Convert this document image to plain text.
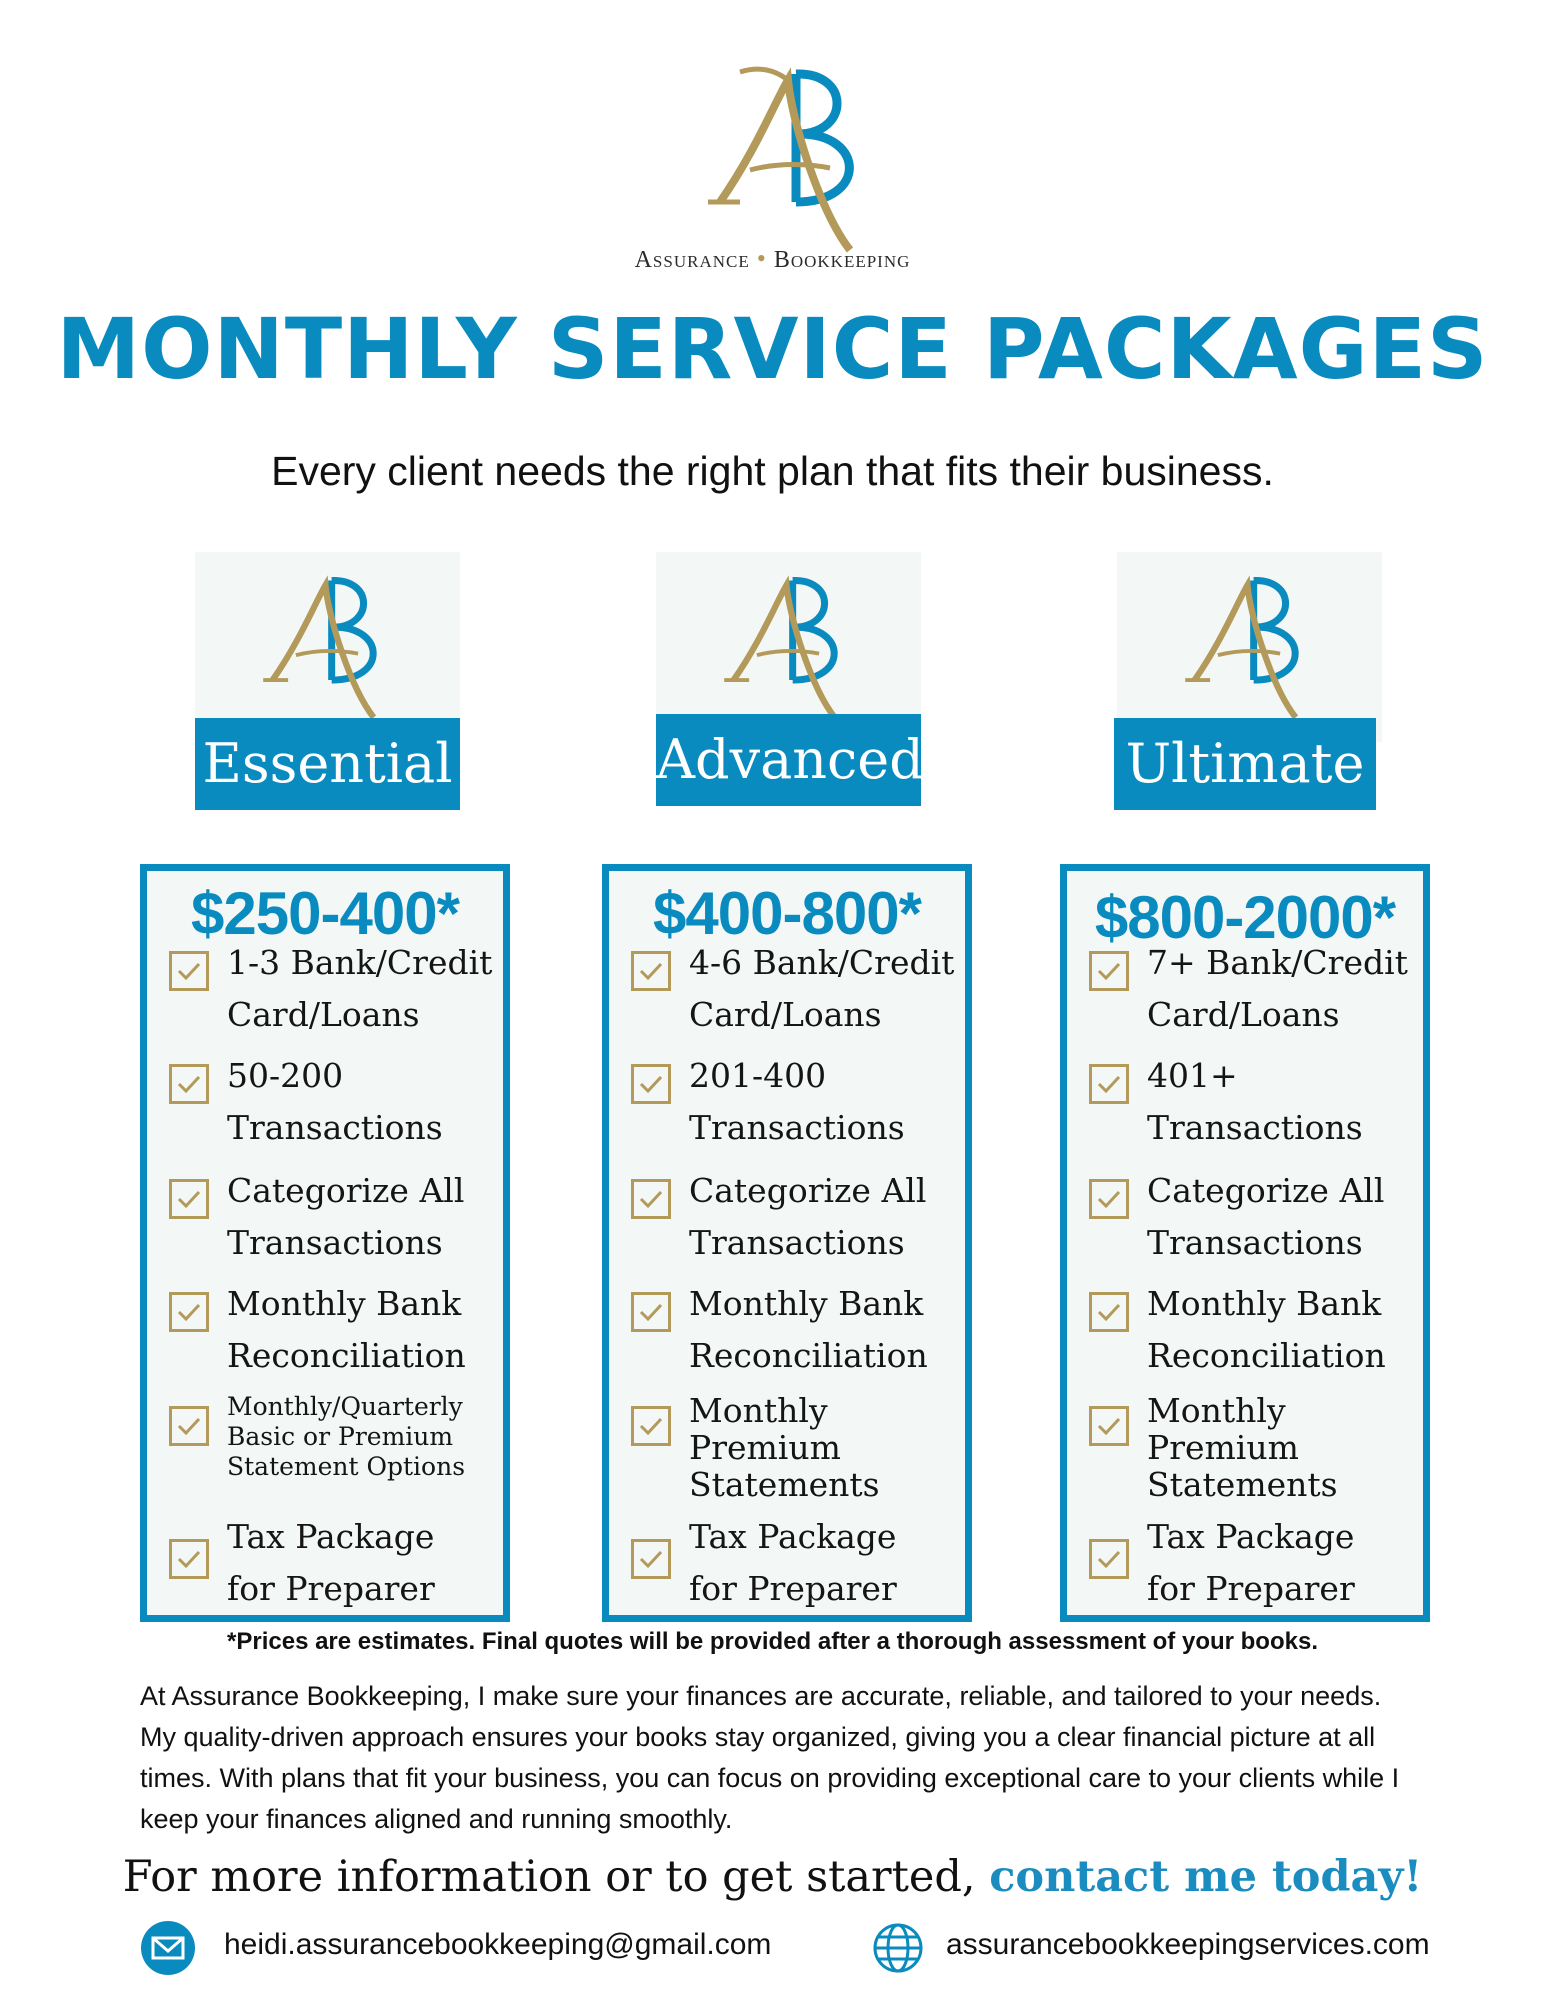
Assurance • Bookkeeping
MONTHLY SERVICE PACKAGES
Every client needs the right plan that fits their business.
Essential	Advanced	Ultimate
$250-400*
1-3 Bank/Credit
Card/Loans
50-200
Transactions
Categorize All
Transactions
Monthly Bank
Reconciliation
Monthly/Quarterly
Basic or Premium
Statement Options
Tax Package
for Preparer
$400-800*
4-6 Bank/Credit
Card/Loans
201-400
Transactions
Categorize All
Transactions
Monthly Bank
Reconciliation
Monthly
Premium
Statements
Tax Package
for Preparer
$800-2000*
7+ Bank/Credit
Card/Loans
401+
Transactions
Categorize All
Transactions
Monthly Bank
Reconciliation
Monthly
Premium
Statements
Tax Package
for Preparer
*Prices are estimates. Final quotes will be provided after a thorough assessment of your books.
At Assurance Bookkeeping, I make sure your finances are accurate, reliable, and tailored to your needs. My quality-driven approach ensures your books stay organized, giving you a clear financial picture at all times. With plans that fit your business, you can focus on providing exceptional care to your clients while I keep your finances aligned and running smoothly.
For more information or to get started, contact me today!
heidi.assurancebookkeeping@gmail.com	assurancebookkeepingservices.com
